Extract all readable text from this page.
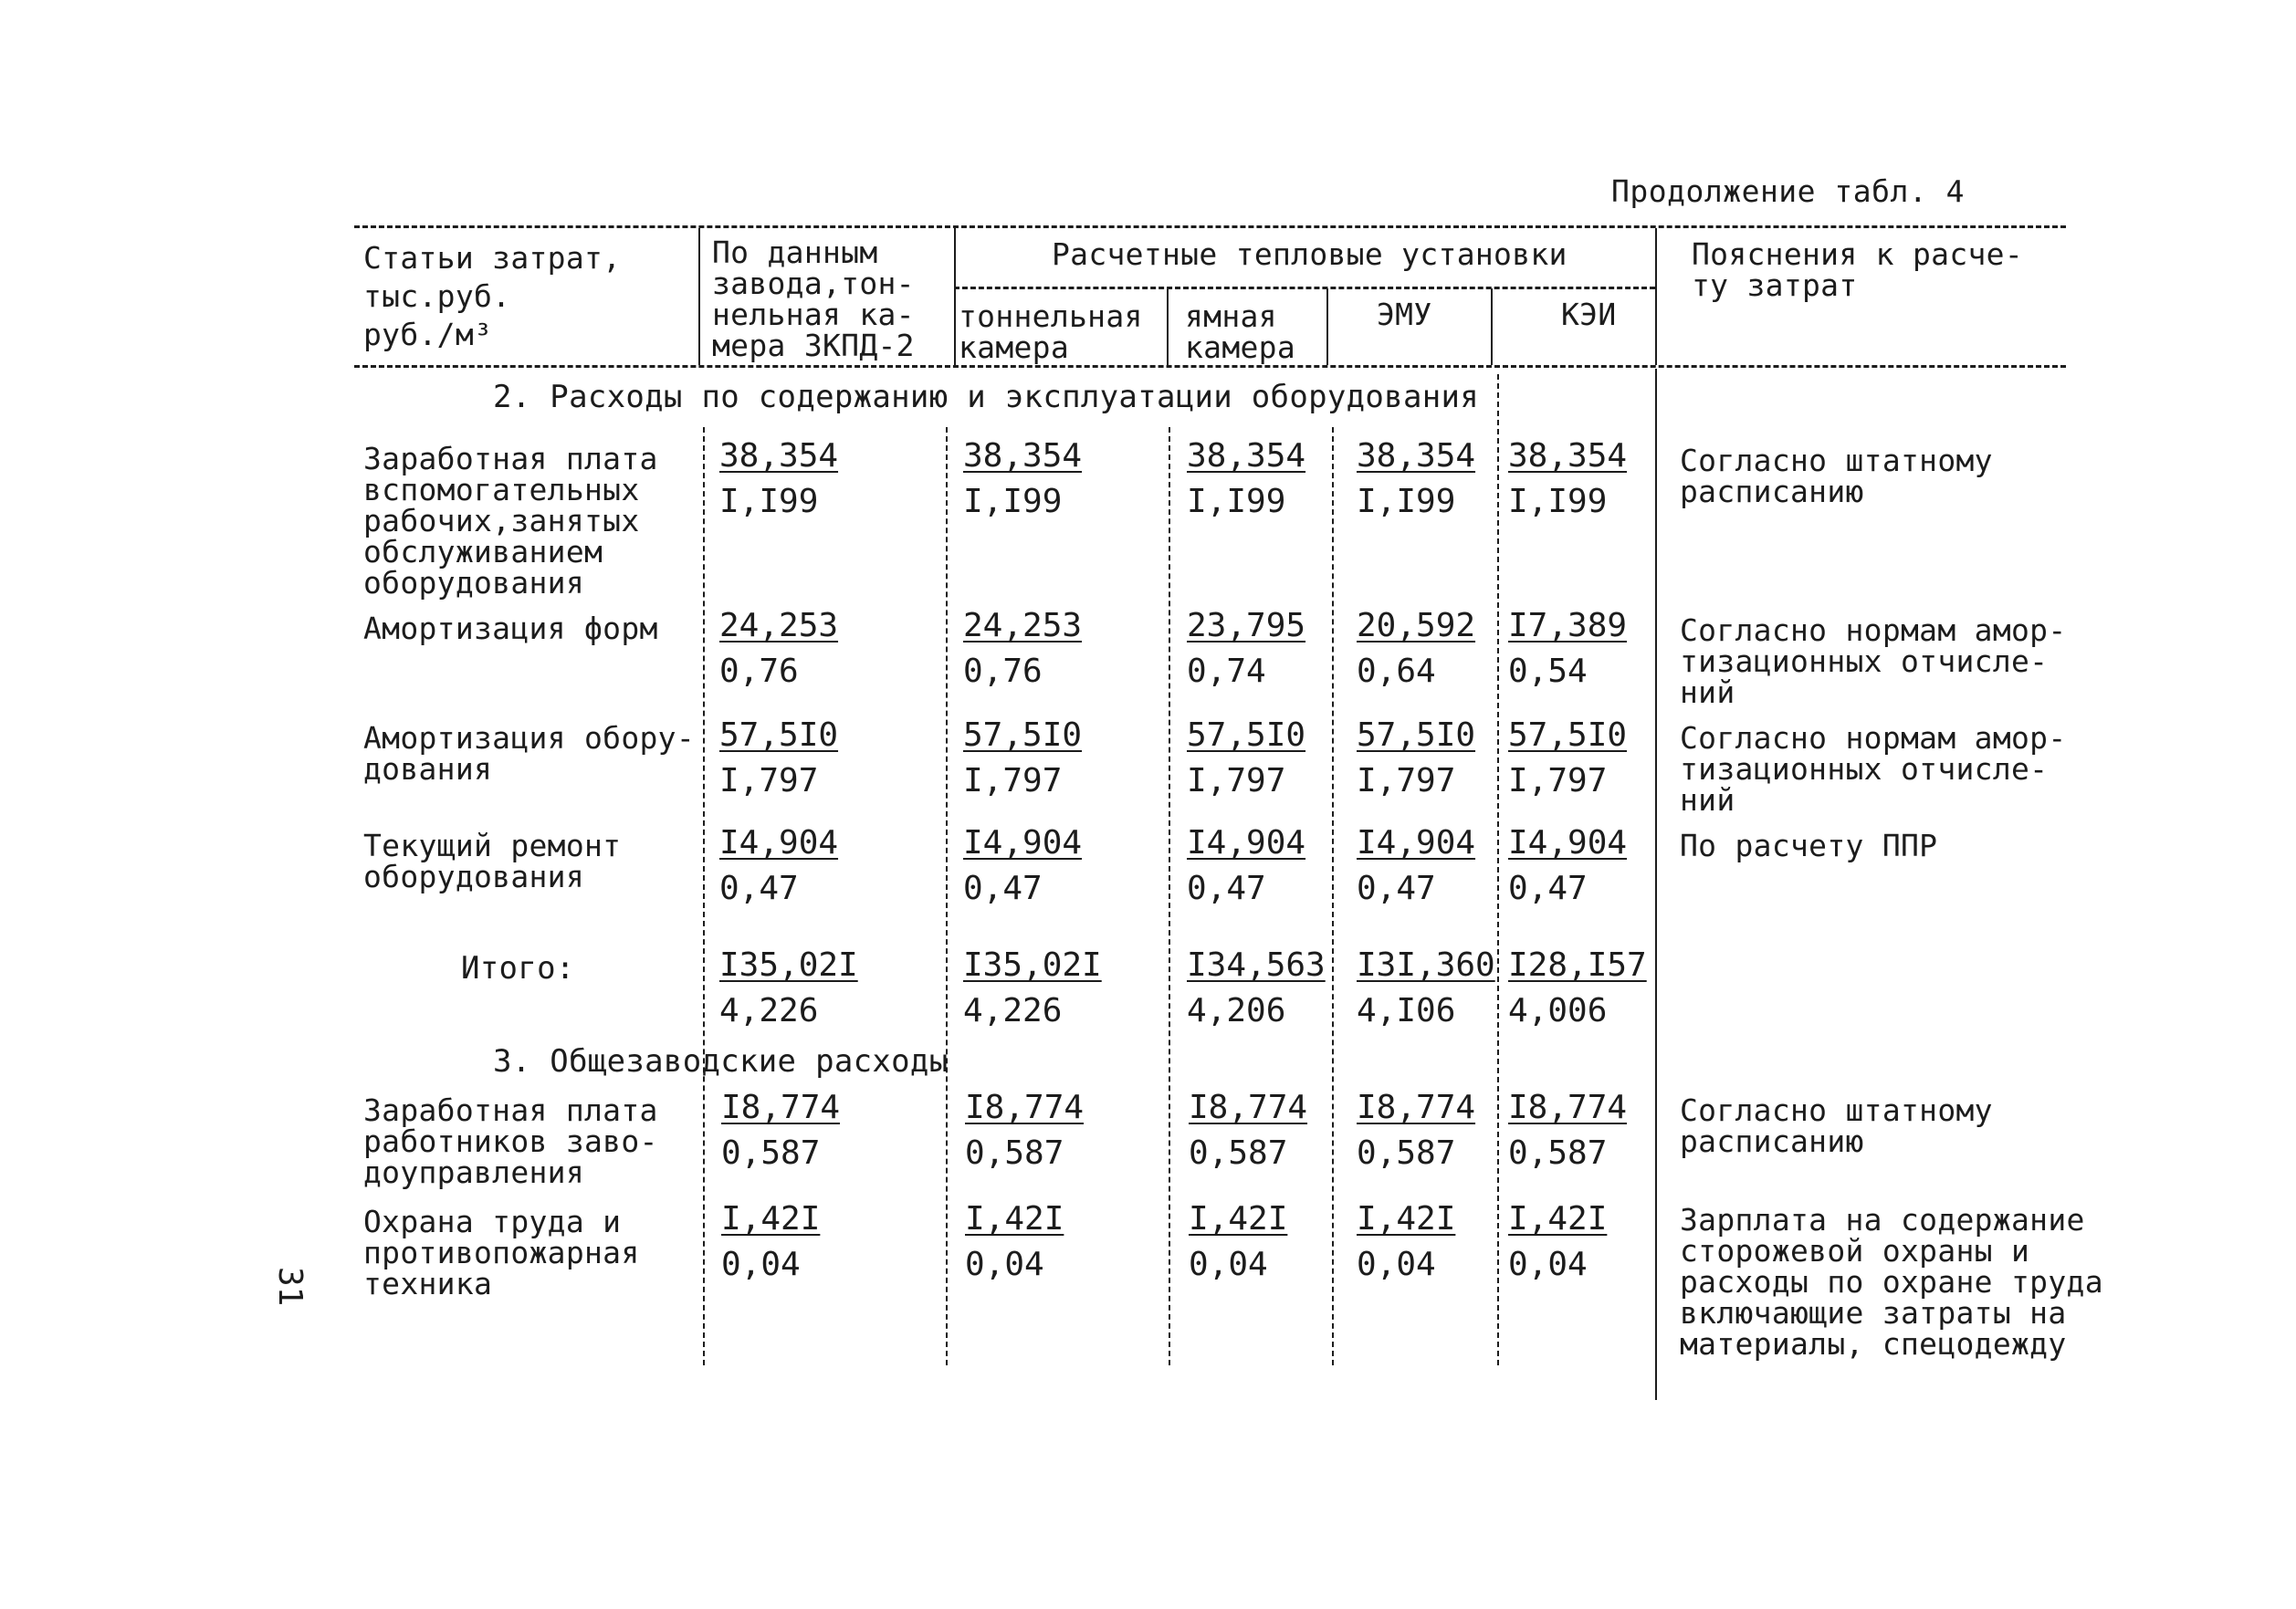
Продолжение табл. 4
Статьи затрат,
тыс.руб.
руб./м³
По данным
завода,тон-
нельная ка-
мера ЗКПД-2
Расчетные тепловые установки
тоннельная
камера
ямная
камера
ЭМУ	КЭИ
Пояснения к расче-
ту затрат
2. Расходы по содержанию и эксплуатации оборудования
Заработная плата
вспомогательных
рабочих,занятых
обслуживанием
оборудования
38,354
I,I99
38,354
I,I99
38,354
I,I99
38,354
I,I99
38,354
I,I99
Согласно штатному
расписанию
Амортизация форм 24,253
0,76
24,253
0,76
23,795
0,74
20,592
0,64
I7,389
0,54
Согласно нормам амор-
тизационных отчисле-
ний
Амортизация обору-
дования
57,5I0
I,797
57,5I0
I,797
57,5I0
I,797
57,5I0
I,797
57,5I0
I,797
Согласно нормам амор-
тизационных отчисле-
ний
Текущий ремонт
оборудования
I4,904
0,47
I4,904
0,47
I4,904
0,47
I4,904
0,47
I4,904
0,47
По расчету ППР
Итого:	I35,02I
4,226
I35,02I
4,226
I34,563
4,206
I3I,360
4,I06
I28,I57
4,006
3. Общезаводские расходы
Заработная плата
работников заво-
доуправления
I8,774
0,587
I8,774
0,587
I8,774
0,587
I8,774
0,587
I8,774
0,587
Согласно штатному
расписанию
Охрана труда и
противопожарная
техника
I,42I
0,04
I,42I
0,04
I,42I
0,04
I,42I
0,04
I,42I
0,04
Зарплата на содержание
сторожевой охраны и
расходы по охране труда
включающие затраты на
материалы, спецодежду
31
